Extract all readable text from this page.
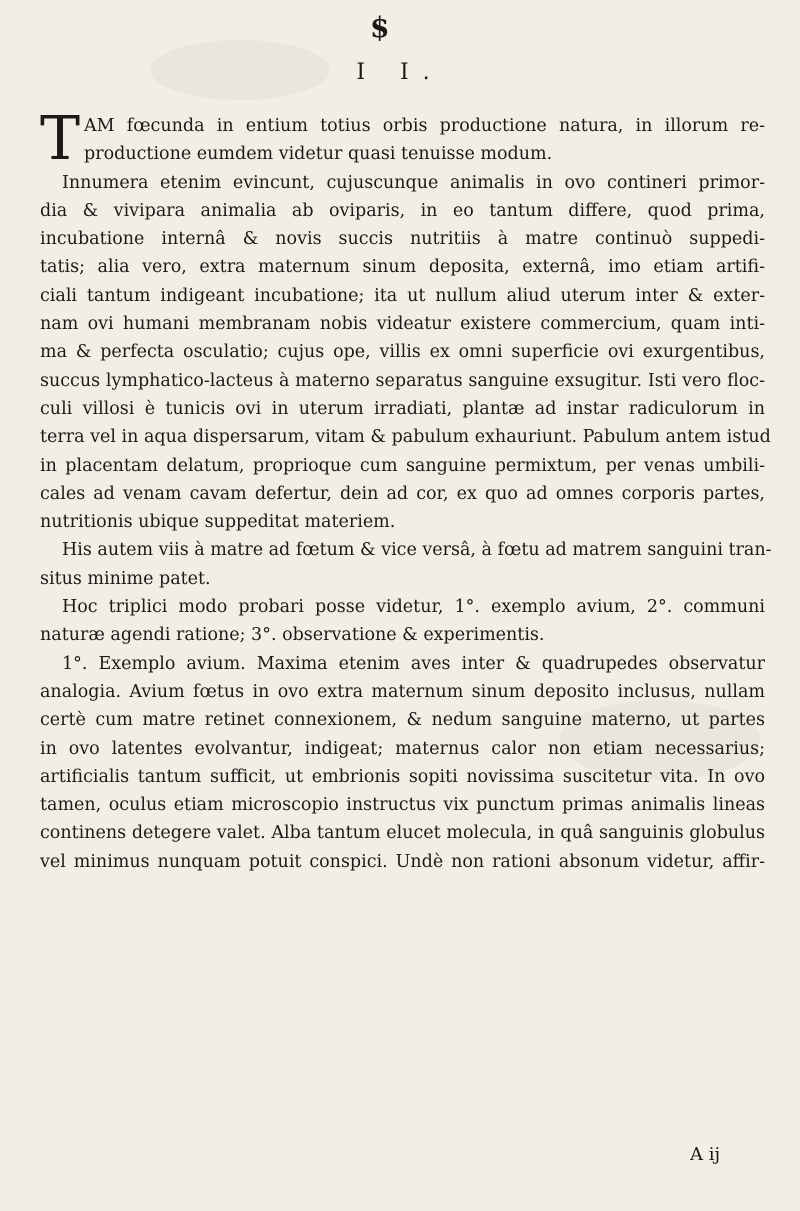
$
I I.
TAM fœcunda in entium totius orbis productione natura, in illorum re-
productione eumdem videtur quasi tenuisse modum.
Innumera etenim evincunt, cujuscunque animalis in ovo contineri primor-
dia & vivipara animalia ab oviparis, in eo tantum differe, quod prima,
incubatione internâ & novis succis nutritiis à matre continuò suppedi-
tatis; alia vero, extra maternum sinum deposita, externâ, imo etiam artifi-
ciali tantum indigeant incubatione; ita ut nullum aliud uterum inter & exter-
nam ovi humani membranam nobis videatur existere commercium, quam inti-
ma & perfecta osculatio; cujus ope, villis ex omni superficie ovi exurgentibus,
succus lymphatico-lacteus à materno separatus sanguine exsugitur. Isti vero floc-
culi villosi è tunicis ovi in uterum irradiati, plantæ ad instar radiculorum in
terra vel in aqua dispersarum, vitam & pabulum exhauriunt. Pabulum antem istud
in placentam delatum, proprioque cum sanguine permixtum, per venas umbili-
cales ad venam cavam defertur, dein ad cor, ex quo ad omnes corporis partes,
nutritionis ubique suppeditat materiem.
His autem viis à matre ad fœtum & vice versâ, à fœtu ad matrem sanguini tran-
situs minime patet.
Hoc triplici modo probari posse videtur, 1°. exemplo avium, 2°. communi
naturæ agendi ratione; 3°. observatione & experimentis.
1°. Exemplo avium. Maxima etenim aves inter & quadrupedes observatur
analogia. Avium fœtus in ovo extra maternum sinum deposito inclusus, nullam
certè cum matre retinet connexionem, & nedum sanguine materno, ut partes
in ovo latentes evolvantur, indigeat; maternus calor non etiam necessarius;
artificialis tantum sufficit, ut embrionis sopiti novissima suscitetur vita. In ovo
tamen, oculus etiam microscopio instructus vix punctum primas animalis lineas
continens detegere valet. Alba tantum elucet molecula, in quâ sanguinis globulus
vel minimus nunquam potuit conspici. Undè non rationi absonum videtur, affir-
A ij
